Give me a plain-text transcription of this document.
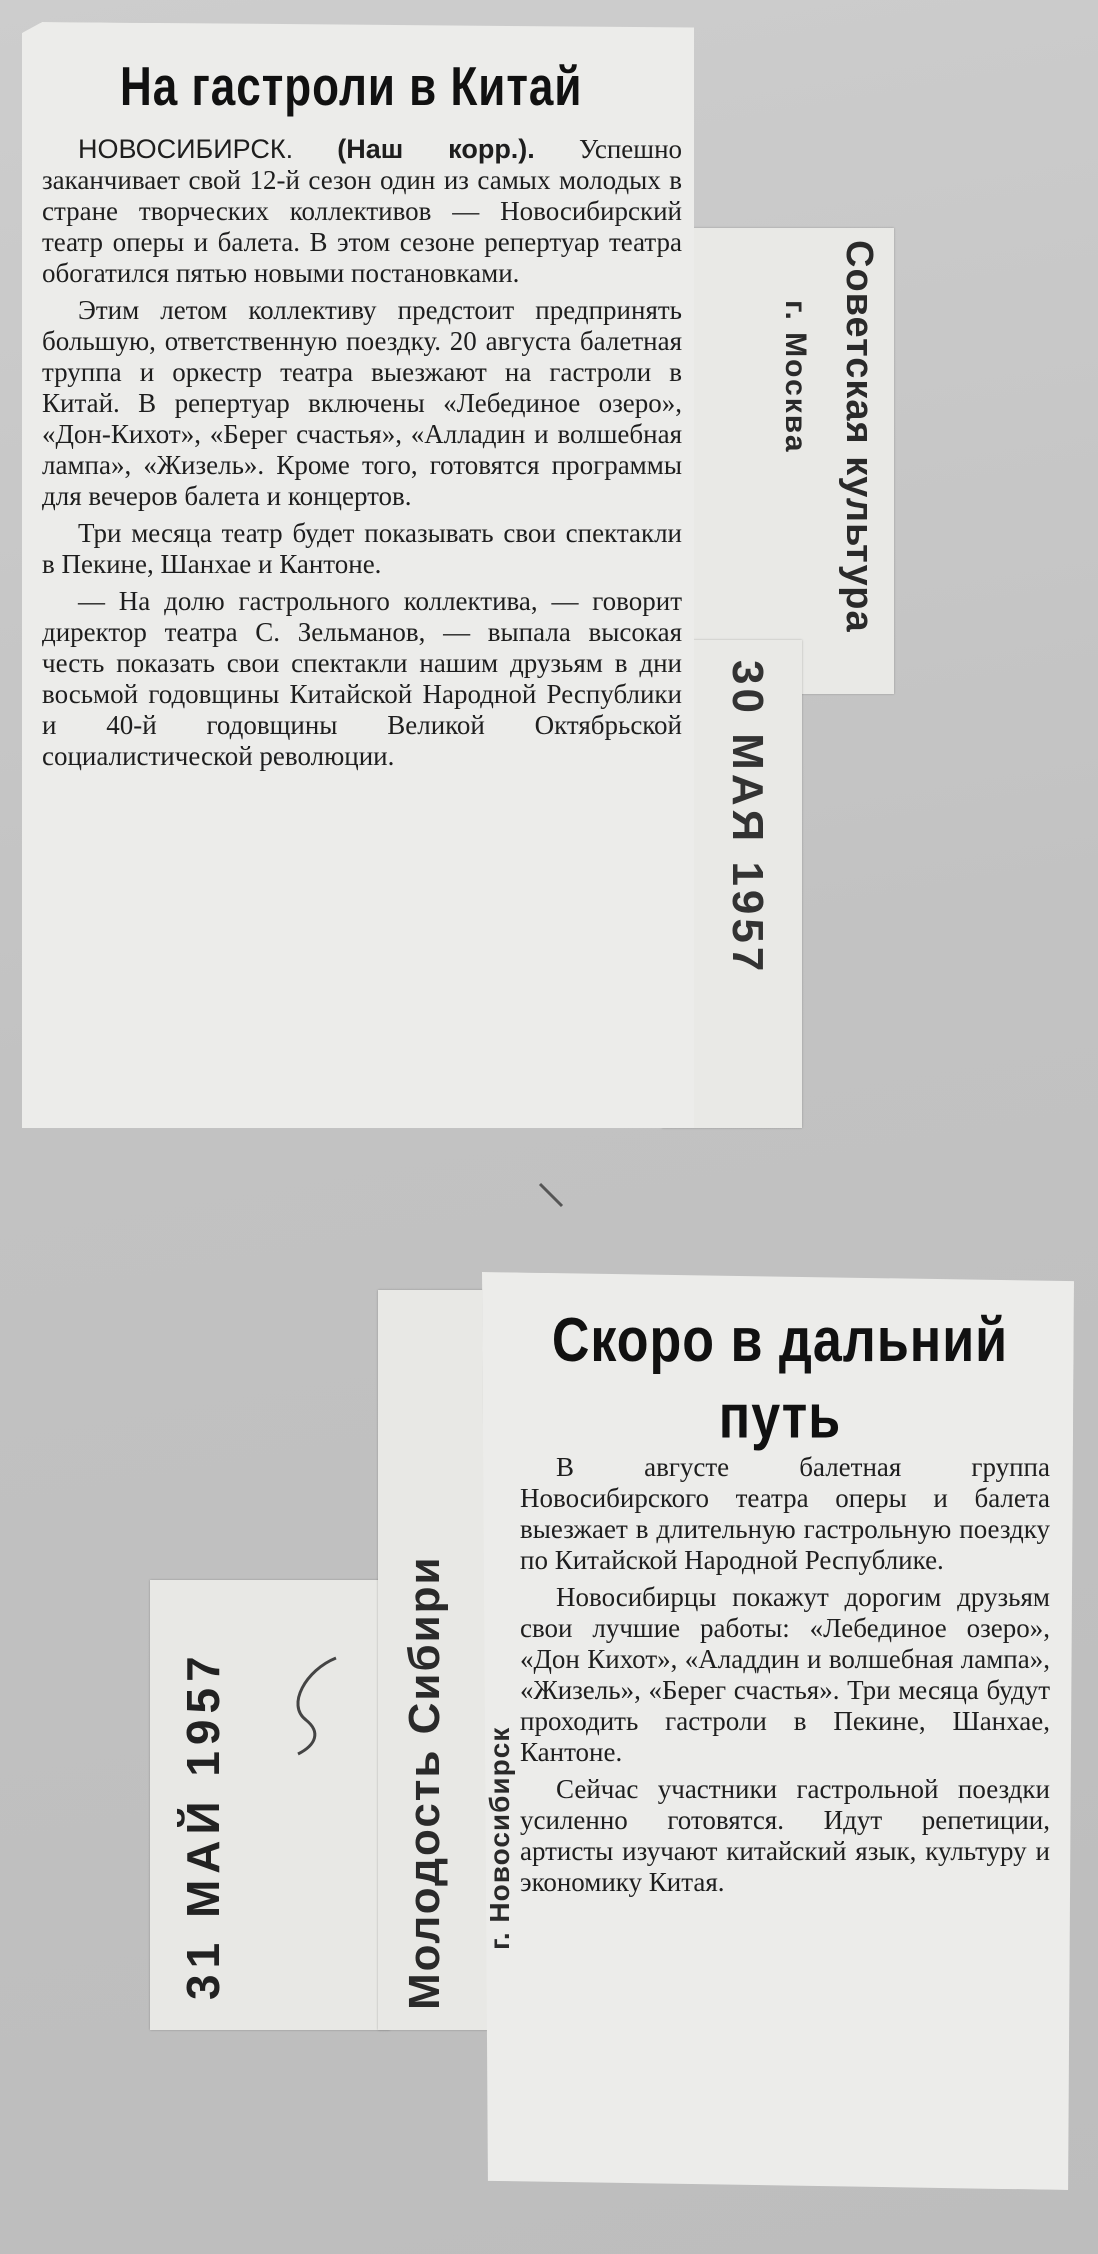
На гастроли в Китай

НОВОСИБИРСК. (Наш корр.). Успешно заканчивает свой 12-й сезон один из самых молодых в стране творческих коллективов — Новосибирский театр оперы и балета. В этом сезоне репертуар театра обогатился пятью новыми постановками.

Этим летом коллективу предстоит предпринять большую, ответственную поездку. 20 августа балетная труппа и оркестр театра выезжают на гастроли в Китай. В репертуар включены «Лебединое озеро», «Дон-Кихот», «Берег счастья», «Алладин и волшебная лампа», «Жизель». Кроме того, готовятся программы для вечеров балета и концертов.

Три месяца театр будет показывать свои спектакли в Пекине, Шанхае и Кантоне.

— На долю гастрольного коллектива, — говорит директор театра С. Зельманов, — выпала высокая честь показать свои спектакли нашим друзьям в дни восьмой годовщины Китайской Народной Республики и 40-й годовщины Великой Октябрьской социалистической революции.

Советская культура
г. Москва
30 МАЯ 1957
Скоро в дальний
путь

В августе балетная группа Новосибирского театра оперы и балета выезжает в длительную гастрольную поездку по Китайской Народной Республике.

Новосибирцы покажут дорогим друзьям свои лучшие работы: «Лебединое озеро», «Дон Кихот», «Аладдин и волшебная лампа», «Жизель», «Берег счастья». Три месяца будут проходить гастроли в Пекине, Шанхае, Кантоне.

Сейчас участники гастрольной поездки усиленно готовятся. Идут репетиции, артисты изучают китайский язык, культуру и экономику Китая.

Молодость Сибири г. Новосибирск
31 МАЙ 1957
